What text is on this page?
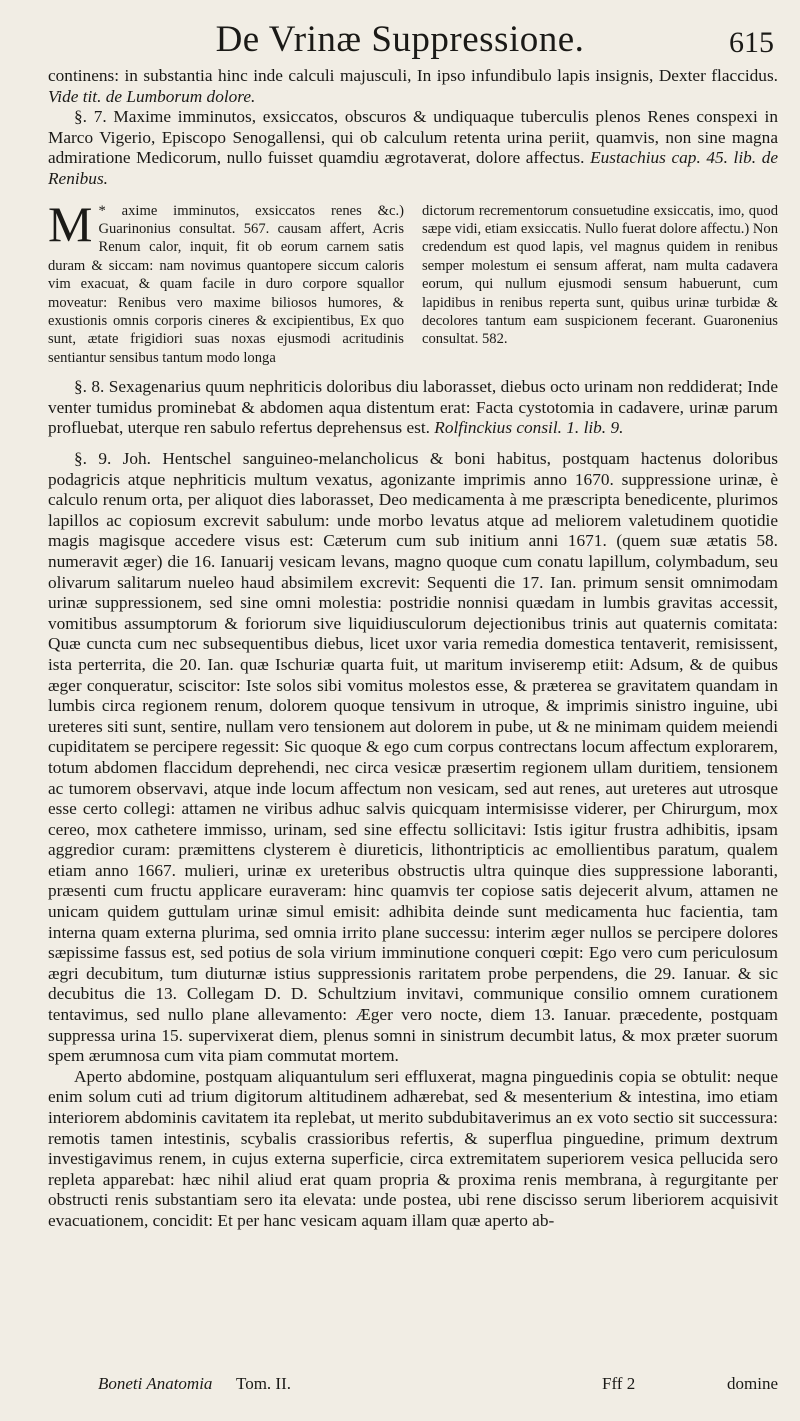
De Vrinæ Suppressione.	615

continens: in substantia hinc inde calculi majusculi, In ipso infundibulo lapis insignis, Dexter flaccidus. Vide tit. de Lumborum dolore.

§. 7. Maxime imminutos, exsiccatos, obscuros & undiquaque tuberculis plenos Renes conspexi in Marco Vigerio, Episcopo Senogallensi, qui ob calculum retenta urina periit, quamvis, non sine magna admiratione Medicorum, nullo fuisset quamdiu ægrotaverat, dolore affectus. Eustachius cap. 45. lib. de Renibus.

M * axime imminutos, exsiccatos renes &c.) Guarinonius consultat. 567. causam affert, Acris Renum calor, inquit, fit ob eorum carnem satis duram & siccam: nam novimus quantopere siccum caloris vim exacuat, & quam facile in duro corpore squallor moveatur: Renibus vero maxime biliosos humores, & exustionis omnis corporis cineres & excipientibus, Ex quo sunt, ætate frigidiori suas noxas ejusmodi acritudinis sentiantur sensibus tantum modo longa
dictorum recrementorum consuetudine exsiccatis, imo, quod sæpe vidi, etiam exsiccatis. Nullo fuerat dolore affectu.) Non credendum est quod lapis, vel magnus quidem in renibus semper molestum ei sensum afferat, nam multa cadavera eorum, qui nullum ejusmodi sensum habuerunt, cum lapidibus in renibus reperta sunt, quibus urinæ turbidæ & decolores tantum eam suspicionem fecerant. Guaronenius consultat. 582.

§. 8. Sexagenarius quum nephriticis doloribus diu laborasset, diebus octo urinam non reddiderat; Inde venter tumidus prominebat & abdomen aqua distentum erat: Facta cystotomia in cadavere, urinæ parum profluebat, uterque ren sabulo refertus deprehensus est. Rolfinckius consil. 1. lib. 9.

§. 9. Joh. Hentschel sanguineo-melancholicus & boni habitus, postquam hactenus doloribus podagricis atque nephriticis multum vexatus, agonizante imprimis anno 1670. suppressione urinæ, è calculo renum orta, per aliquot dies laborasset, Deo medicamenta à me præscripta benedicente, plurimos lapillos ac copiosum excrevit sabulum: unde morbo levatus atque ad meliorem valetudinem quotidie magis magisque accedere visus est: Cæterum cum sub initium anni 1671. (quem suæ ætatis 58. numeravit æger) die 16. Ianuarij vesicam levans, magno quoque cum conatu lapillum, colymbadum, seu olivarum salitarum nueleo haud absimilem excrevit: Sequenti die 17. Ian. primum sensit omnimodam urinæ suppressionem, sed sine omni molestia: postridie nonnisi quædam in lumbis gravitas accessit, vomitibus assumptorum & foriorum sive liquidiusculorum dejectionibus trinis aut quaternis comitata: Quæ cuncta cum nec subsequentibus diebus, licet uxor varia remedia domestica tentaverit, remisissent, ista perterrita, die 20. Ian. quæ Ischuriæ quarta fuit, ut maritum inviseremp etiit: Adsum, & de quibus æger conqueratur, sciscitor: Iste solos sibi vomitus molestos esse, & præterea se gravitatem quandam in lumbis circa regionem renum, dolorem quoque tensivum in utroque, & imprimis sinistro inguine, ubi ureteres siti sunt, sentire, nullam vero tensionem aut dolorem in pube, ut & ne minimam quidem meiendi cupiditatem se percipere regessit: Sic quoque & ego cum corpus contrectans locum affectum explorarem, totum abdomen flaccidum deprehendi, nec circa vesicæ præsertim regionem ullam duritiem, tensionem ac tumorem observavi, atque inde locum affectum non vesicam, sed aut renes, aut ureteres aut utrosque esse certo collegi: attamen ne viribus adhuc salvis quicquam intermisisse viderer, per Chirurgum, mox cereo, mox cathetere immisso, urinam, sed sine effectu sollicitavi: Istis igitur frustra adhibitis, ipsam aggredior curam: præmittens clysterem è diureticis, lithontripticis ac emollientibus paratum, qualem etiam anno 1667. mulieri, urinæ ex ureteribus obstructis ultra quinque dies suppressione laboranti, præsenti cum fructu applicare euraveram: hinc quamvis ter copiose satis dejecerit alvum, attamen ne unicam quidem guttulam urinæ simul emisit: adhibita deinde sunt medicamenta huc facientia, tam interna quam externa plurima, sed omnia irrito plane successu: interim æger nullos se percipere dolores sæpissime fassus est, sed potius de sola virium imminutione conqueri cœpit: Ego vero cum periculosum ægri decubitum, tum diuturnæ istius suppressionis raritatem probe perpendens, die 29. Ianuar. & sic decubitus die 13. Collegam D. D. Schultzium invitavi, communique consilio omnem curationem tentavimus, sed nullo plane allevamento: Æger vero nocte, diem 13. Ianuar. præcedente, postquam suppressa urina 15. supervixerat diem, plenus somni in sinistrum decumbit latus, & mox præter suorum spem ærumnosa cum vita piam commutat mortem.

Aperto abdomine, postquam aliquantulum seri effluxerat, magna pinguedinis copia se obtulit: neque enim solum cuti ad trium digitorum altitudinem adhærebat, sed & mesenterium & intestina, imo etiam interiorem abdominis cavitatem ita replebat, ut merito subdubitaverimus an ex voto sectio sit successura: remotis tamen intestinis, scybalis crassioribus refertis, & superflua pinguedine, primum dextrum investigavimus renem, in cujus externa superficie, circa extremitatem superiorem vesica pellucida sero repleta apparebat: hæc nihil aliud erat quam propria & proxima renis membrana, à regurgitante per obstructi renis substantiam sero ita elevata: unde postea, ubi rene discisso serum liberiorem acquisivit evacuationem, concidit: Et per hanc vesicam aquam illam quæ aperto ab-

Boneti Anatomia Tom. II.	Fff 2	domine
